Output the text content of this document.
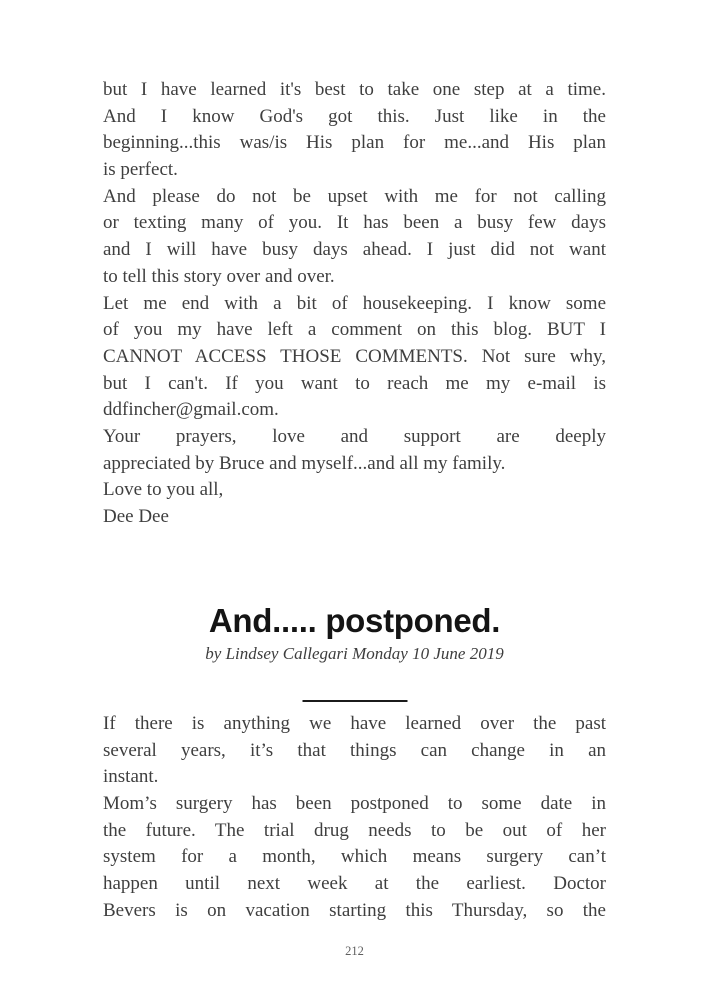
but I have learned it's best to take one step at a time.
And I know God's got this. Just like in the
beginning...this was/is His plan for me...and His plan
is perfect.
And please do not be upset with me for not calling
or texting many of you. It has been a busy few days
and I will have busy days ahead. I just did not want
to tell this story over and over.
Let me end with a bit of housekeeping. I know some
of you my have left a comment on this blog. BUT I
CANNOT ACCESS THOSE COMMENTS. Not sure why,
but I can't. If you want to reach me my e-mail is
ddfincher@gmail.com.
Your prayers, love and support are deeply
appreciated by Bruce and myself...and all my family.
Love to you all,
Dee Dee
And..... postponed.

by Lindsey Callegari Monday 10 June 2019

If there is anything we have learned over the past
several years, it’s that things can change in an
instant.
Mom’s surgery has been postponed to some date in
the future. The trial drug needs to be out of her
system for a month, which means surgery can’t
happen until next week at the earliest. Doctor
Bevers is on vacation starting this Thursday, so the
212
